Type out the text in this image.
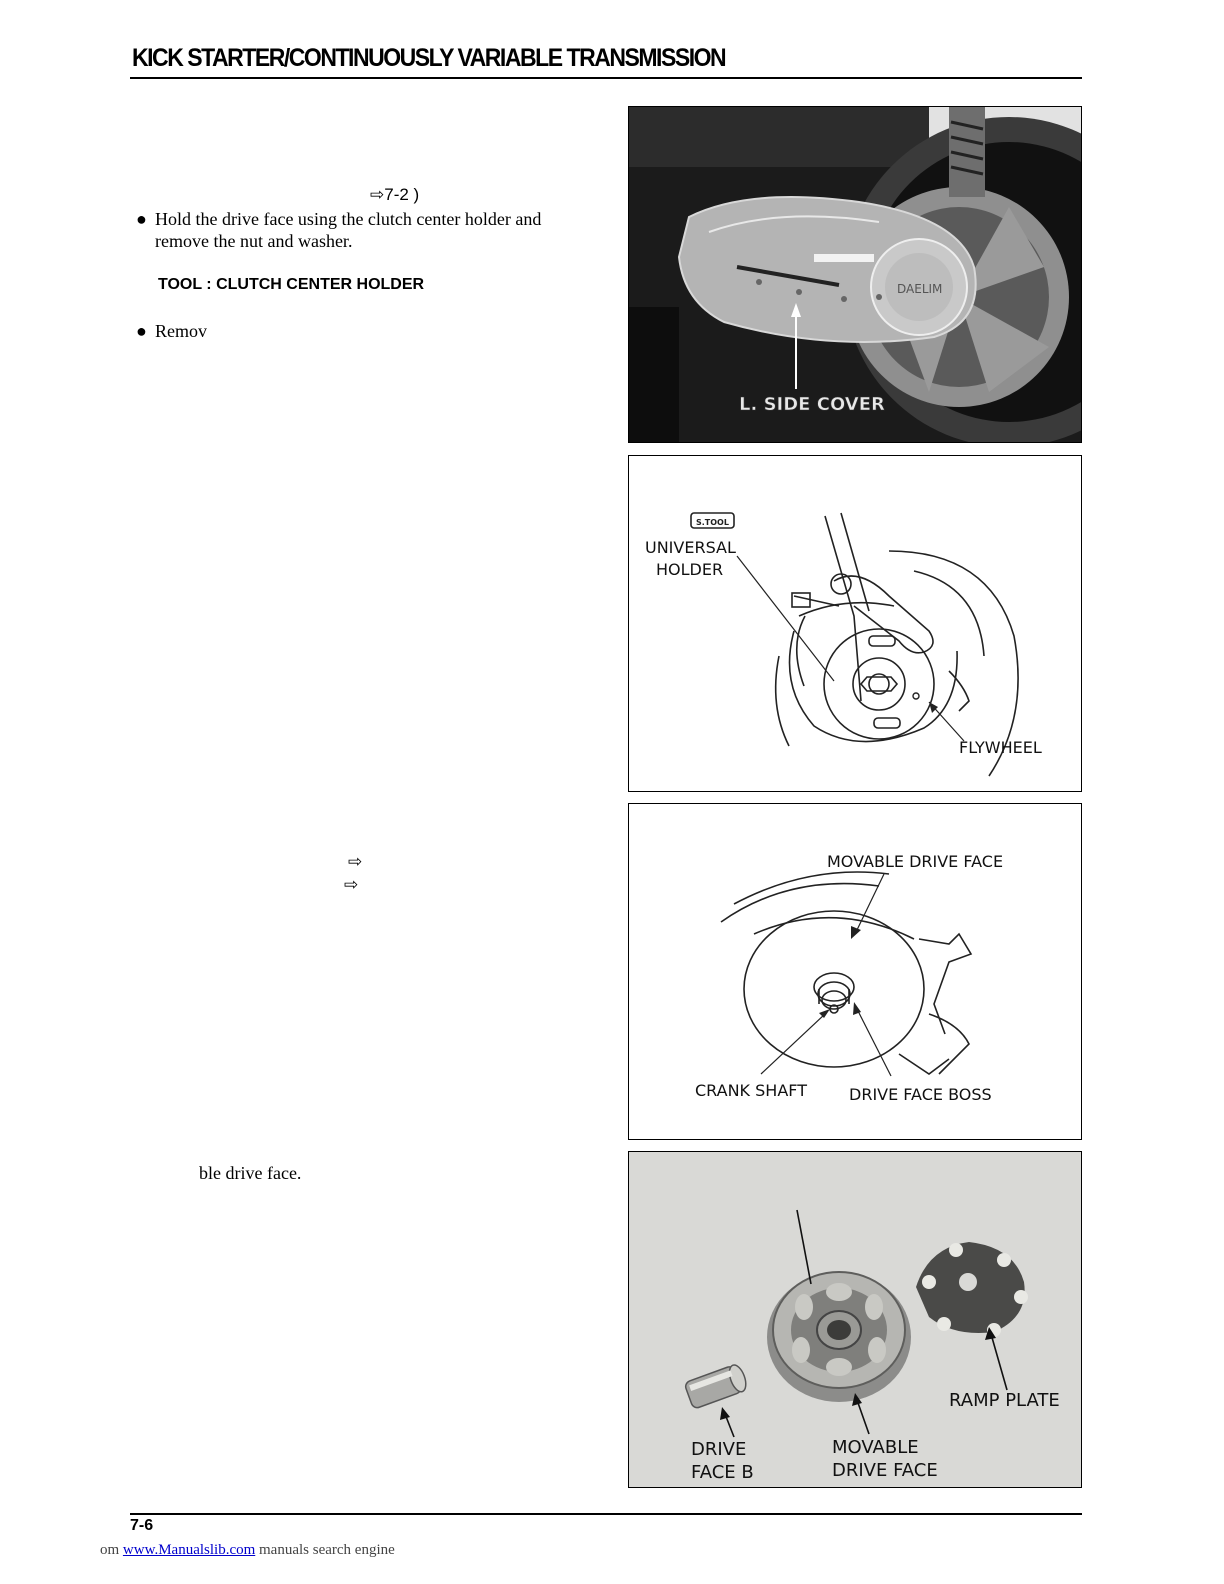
KICK STARTER/CONTINUOUSLY VARIABLE TRANSMISSION
⇨7-2 )
● Hold the drive face using the clutch center holder and
remove the nut and washer.
TOOL : CLUTCH CENTER HOLDER
● Remov
⇨
⇨
ble drive face.
DAELIM
L. SIDE COVER
S.TOOL
UNIVERSAL
HOLDER
FLYWHEEL
MOVABLE DRIVE FACE
CRANK SHAFT	DRIVE FACE BOSS
RAMP PLATE
DRIVE
FACE B
MOVABLE
DRIVE FACE
7-6
om www.Manualslib.com manuals search engine
